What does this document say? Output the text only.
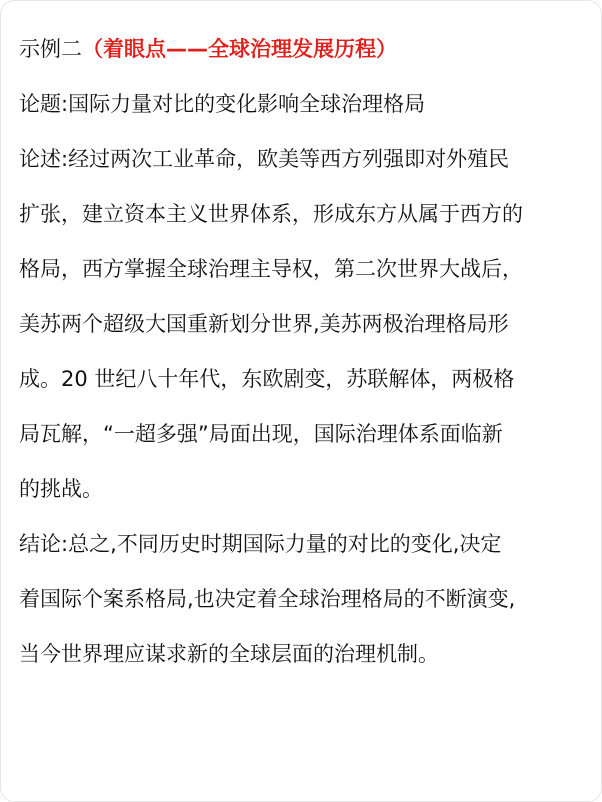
示例二（着眼点——全球治理发展历程）
论题:国际力量对比的变化影响全球治理格局
论述:经过两次工业革命，欧美等西方列强即对外殖民
扩张，建立资本主义世界体系，形成东方从属于西方的
格局，西方掌握全球治理主导权，第二次世界大战后，
美苏两个超级大国重新划分世界,美苏两极治理格局形
成。20 世纪八十年代，东欧剧变，苏联解体，两极格
局瓦解，“一超多强”局面出现，国际治理体系面临新
的挑战。
结论:总之,不同历史时期国际力量的对比的变化,决定
着国际个案系格局,也决定着全球治理格局的不断演变,
当今世界理应谋求新的全球层面的治理机制。
